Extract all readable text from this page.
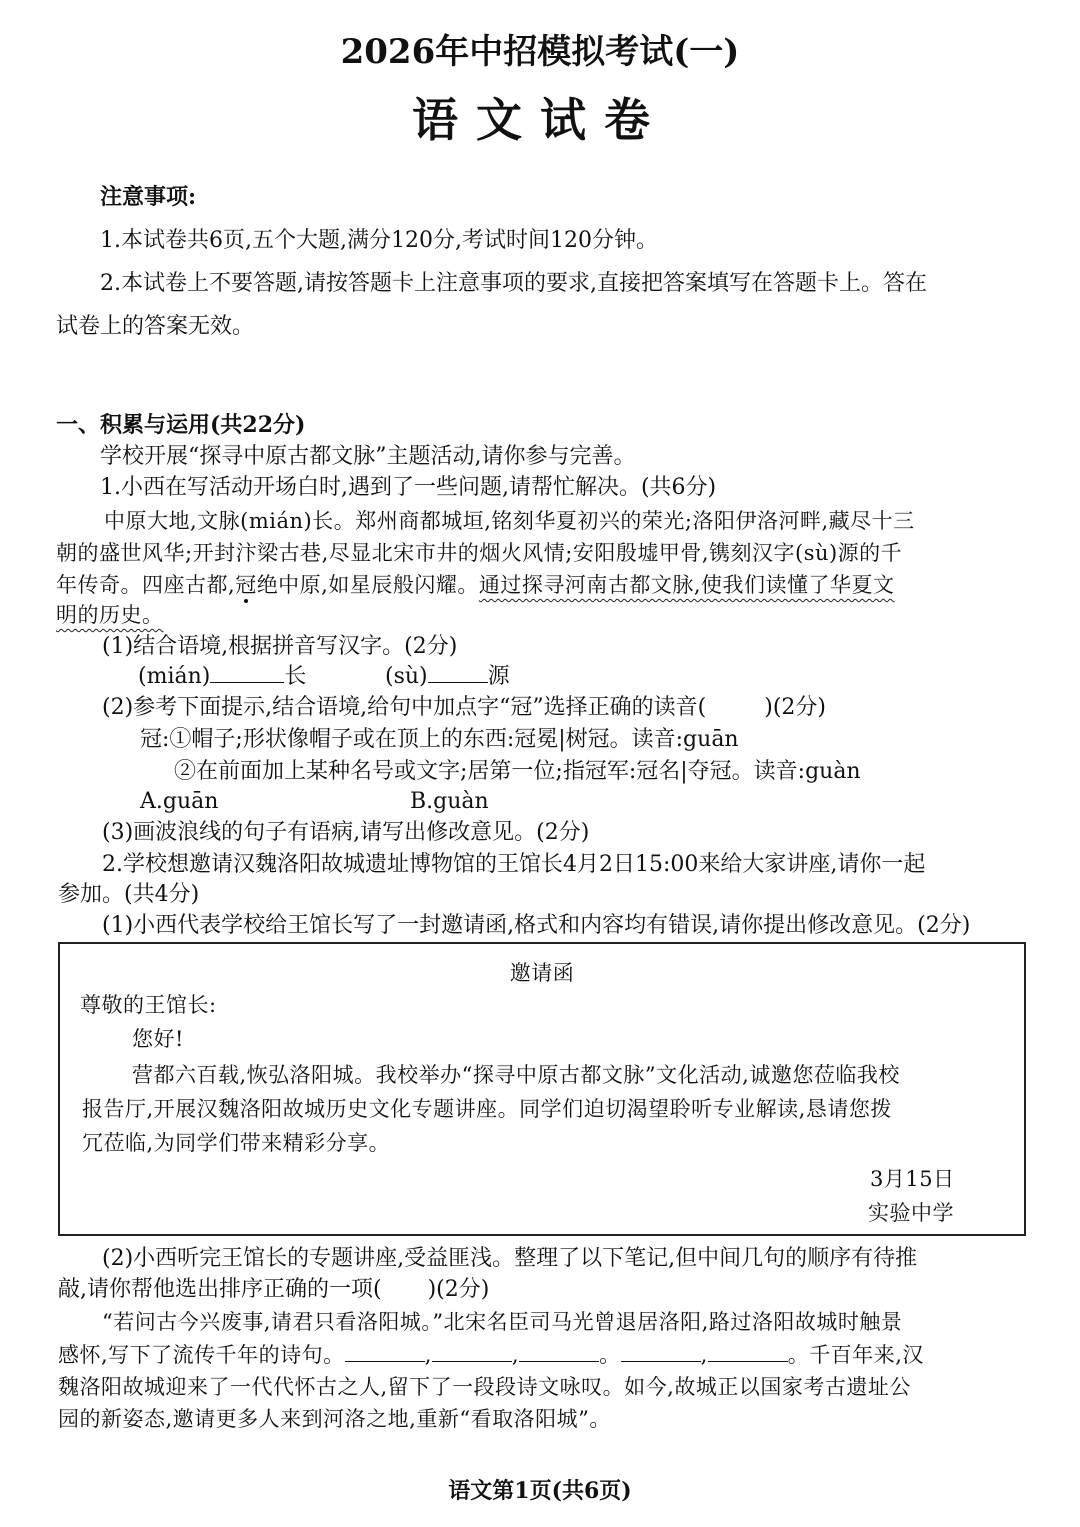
2026年中招模拟考试(一)
语文试卷
注意事项:
1.本试卷共6页,五个大题,满分120分,考试时间120分钟。
2.本试卷上不要答题,请按答题卡上注意事项的要求,直接把答案填写在答题卡上。答在
试卷上的答案无效。
一、积累与运用(共22分)
学校开展“探寻中原古都文脉”主题活动,请你参与完善。
1.小西在写活动开场白时,遇到了一些问题,请帮忙解决。(共6分)
中原大地,文脉(mián)长。郑州商都城垣,铭刻华夏初兴的荣光;洛阳伊洛河畔,藏尽十三
朝的盛世风华;开封汴梁古巷,尽显北宋市井的烟火风情;安阳殷墟甲骨,镌刻汉字(sù)源的千
年传奇。四座古都,冠绝中原,如星辰般闪耀。通过探寻河南古都文脉,使我们读懂了华夏文
明的历史。
(1)结合语境,根据拼音写汉字。(2分)
(mián)	长	(sù)	源
(2)参考下面提示,结合语境,给句中加点字“冠”选择正确的读音(	)(2分)
冠:①帽子;形状像帽子或在顶上的东西:冠冕|树冠。读音:guān
②在前面加上某种名号或文字;居第一位;指冠军:冠名|夺冠。读音:guàn
A.guān	B.guàn
(3)画波浪线的句子有语病,请写出修改意见。(2分)
2.学校想邀请汉魏洛阳故城遗址博物馆的王馆长4月2日15:00来给大家讲座,请你一起
参加。(共4分)
(1)小西代表学校给王馆长写了一封邀请函,格式和内容均有错误,请你提出修改意见。(2分)
邀请函
尊敬的王馆长:
您好!
营都六百载,恢弘洛阳城。我校举办“探寻中原古都文脉”文化活动,诚邀您莅临我校
报告厅,开展汉魏洛阳故城历史文化专题讲座。同学们迫切渴望聆听专业解读,恳请您拨
冗莅临,为同学们带来精彩分享。
3月15日
实验中学
(2)小西听完王馆长的专题讲座,受益匪浅。整理了以下笔记,但中间几句的顺序有待推
敲,请你帮他选出排序正确的一项( )(2分)
“若问古今兴废事,请君只看洛阳城。”北宋名臣司马光曾退居洛阳,路过洛阳故城时触景
感怀,写下了流传千年的诗句。	,	,	。	,	。千百年来,汉
魏洛阳故城迎来了一代代怀古之人,留下了一段段诗文咏叹。如今,故城正以国家考古遗址公
园的新姿态,邀请更多人来到河洛之地,重新“看取洛阳城”。
语文第1页(共6页)
